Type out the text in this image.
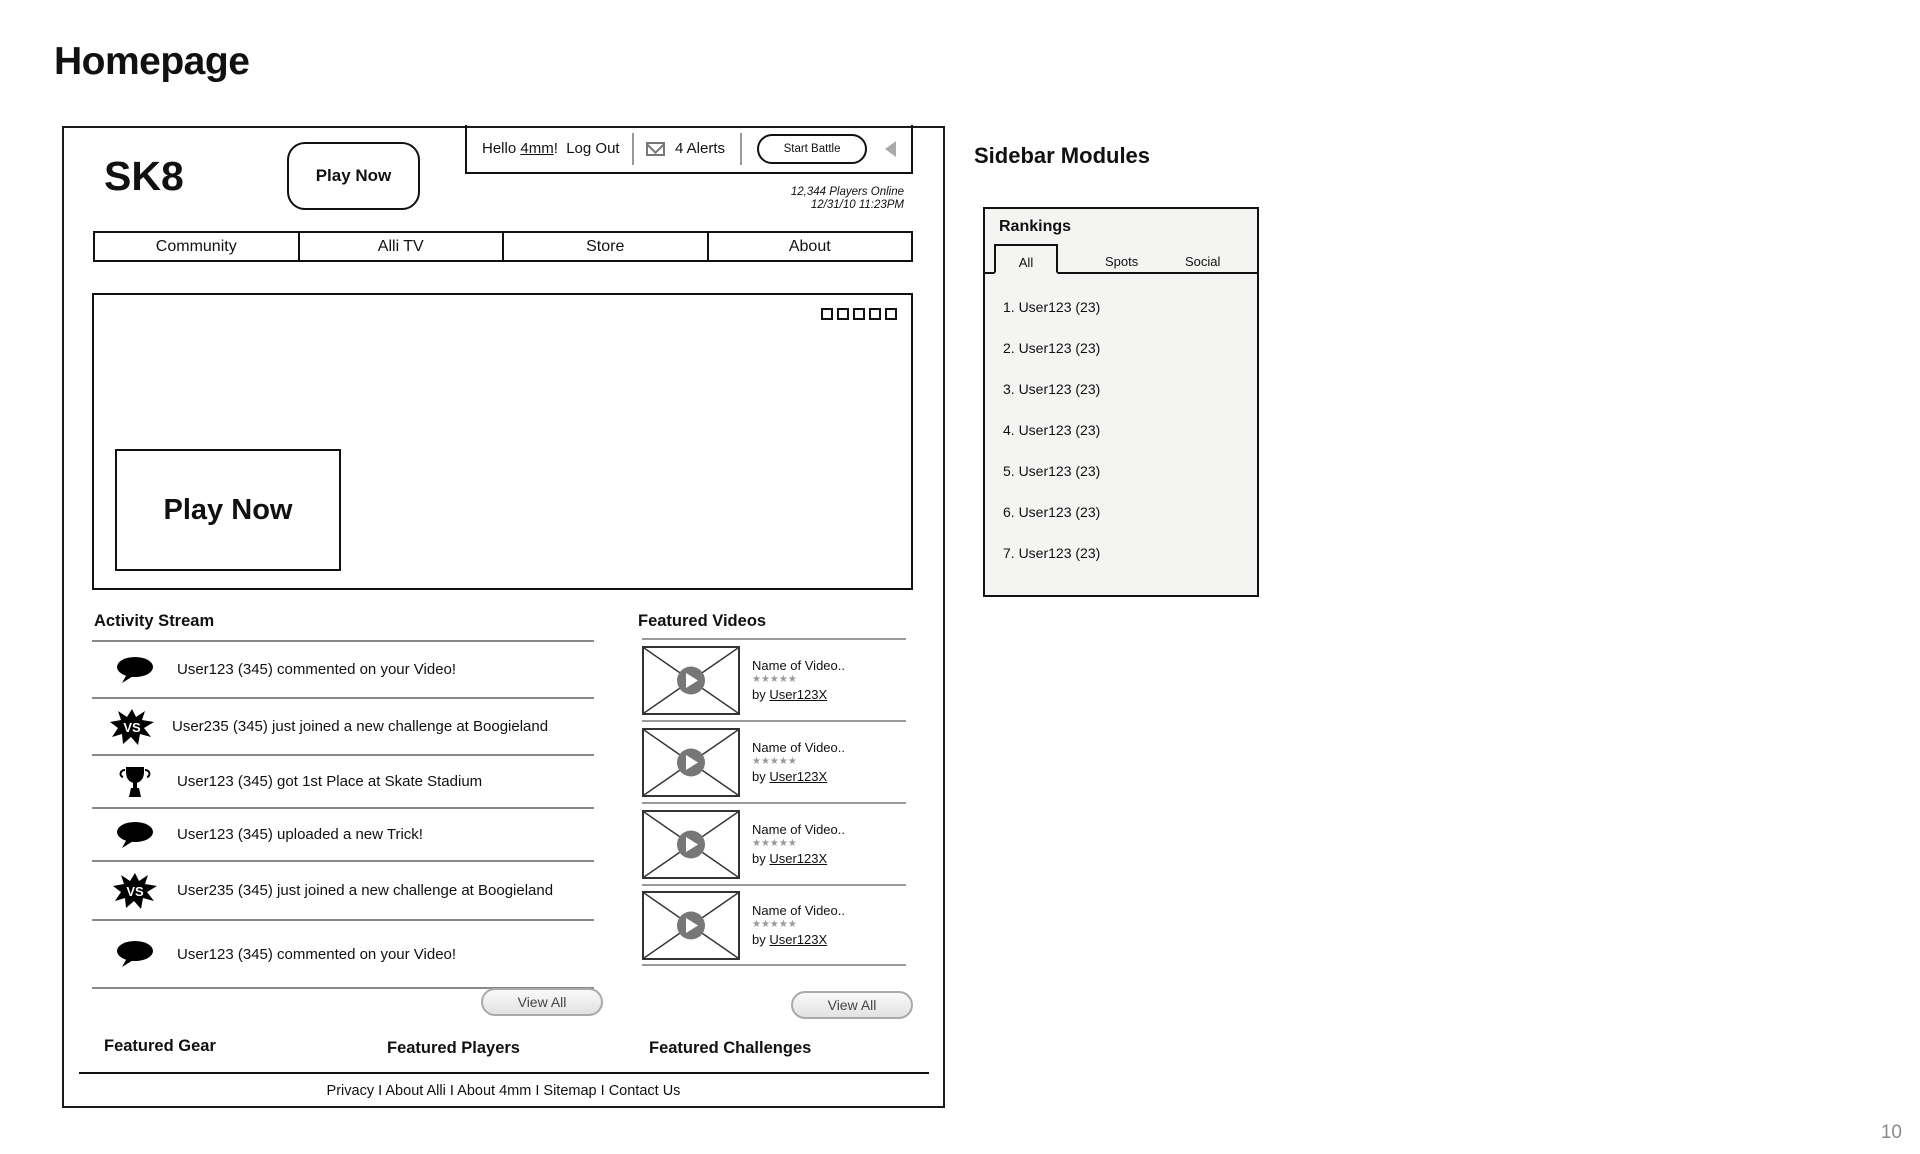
Homepage
SK8	Play Now
Hello 4mm! Log Out	4 Alerts	Start Battle
12,344 Players Online
12/31/10 11:23PM
Community	Alli TV	Store	About
Play Now
Activity Stream
User123 (345) commented on your Video!
VS User235 (345) just joined a new challenge at Boogieland
User123 (345) got 1st Place at Skate Stadium
User123 (345) uploaded a new Trick!
VS User235 (345) just joined a new challenge at Boogieland
User123 (345) commented on your Video!
View All
Featured Videos
Name of Video..
★★★★★
by User123X
Name of Video..
★★★★★
by User123X
Name of Video..
★★★★★
by User123X
Name of Video..
★★★★★
by User123X
View All
Featured Gear	Featured Players	Featured Challenges
Privacy I About Alli I About 4mm I Sitemap I Contact Us
Sidebar Modules
Rankings
All	Spots	Social
1. User123 (23)
2. User123 (23)
3. User123 (23)
4. User123 (23)
5. User123 (23)
6. User123 (23)
7. User123 (23)
10
